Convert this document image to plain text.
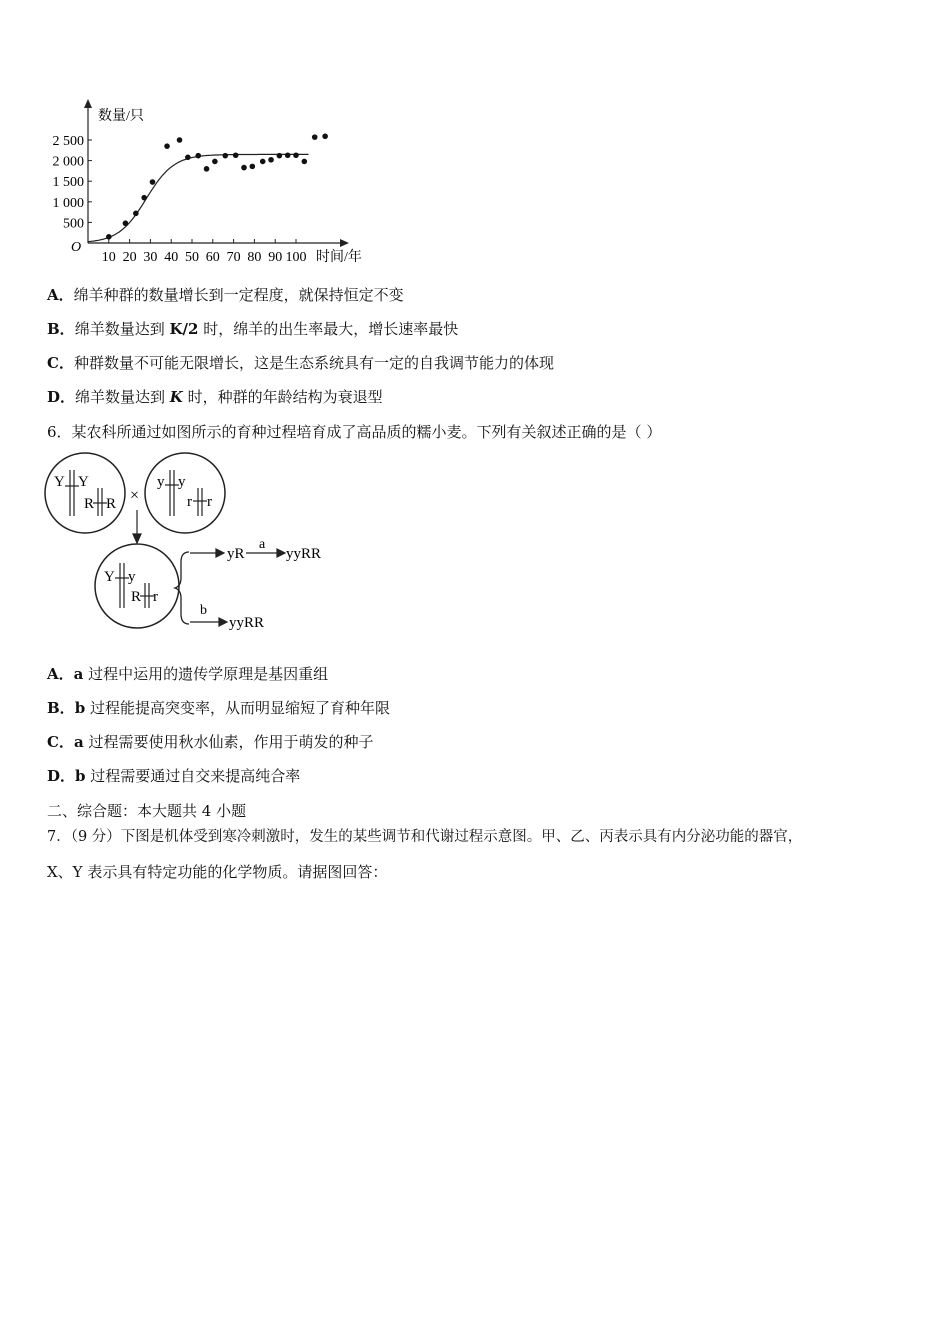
数量/只
时间/年
O
500
1 000
1 500
2 000
2 500
10 20 30 40 50 60 70 80 90 100
A．绵羊种群的数量增长到一定程度，就保持恒定不变
B．绵羊数量达到 K/2 时，绵羊的出生率最大，增长速率最快
C．种群数量不可能无限增长，这是生态系统具有一定的自我调节能力的体现
D．绵羊数量达到 K 时，种群的年龄结构为衰退型
6．某农科所通过如图所示的育种过程培育成了高品质的糯小麦。下列有关叙述正确的是（ ）
Y Y
R R ×
y y
r r
Y y
R r
yR
a
yyRR
b
yyRR
A．a 过程中运用的遗传学原理是基因重组
B．b 过程能提高突变率，从而明显缩短了育种年限
C．a 过程需要使用秋水仙素，作用于萌发的种子
D．b 过程需要通过自交来提高纯合率
二、综合题：本大题共 4 小题
7．（9 分）下图是机体受到寒冷刺激时，发生的某些调节和代谢过程示意图。甲、乙、丙表示具有内分泌功能的器官，
X、Y 表示具有特定功能的化学物质。请据图回答：
